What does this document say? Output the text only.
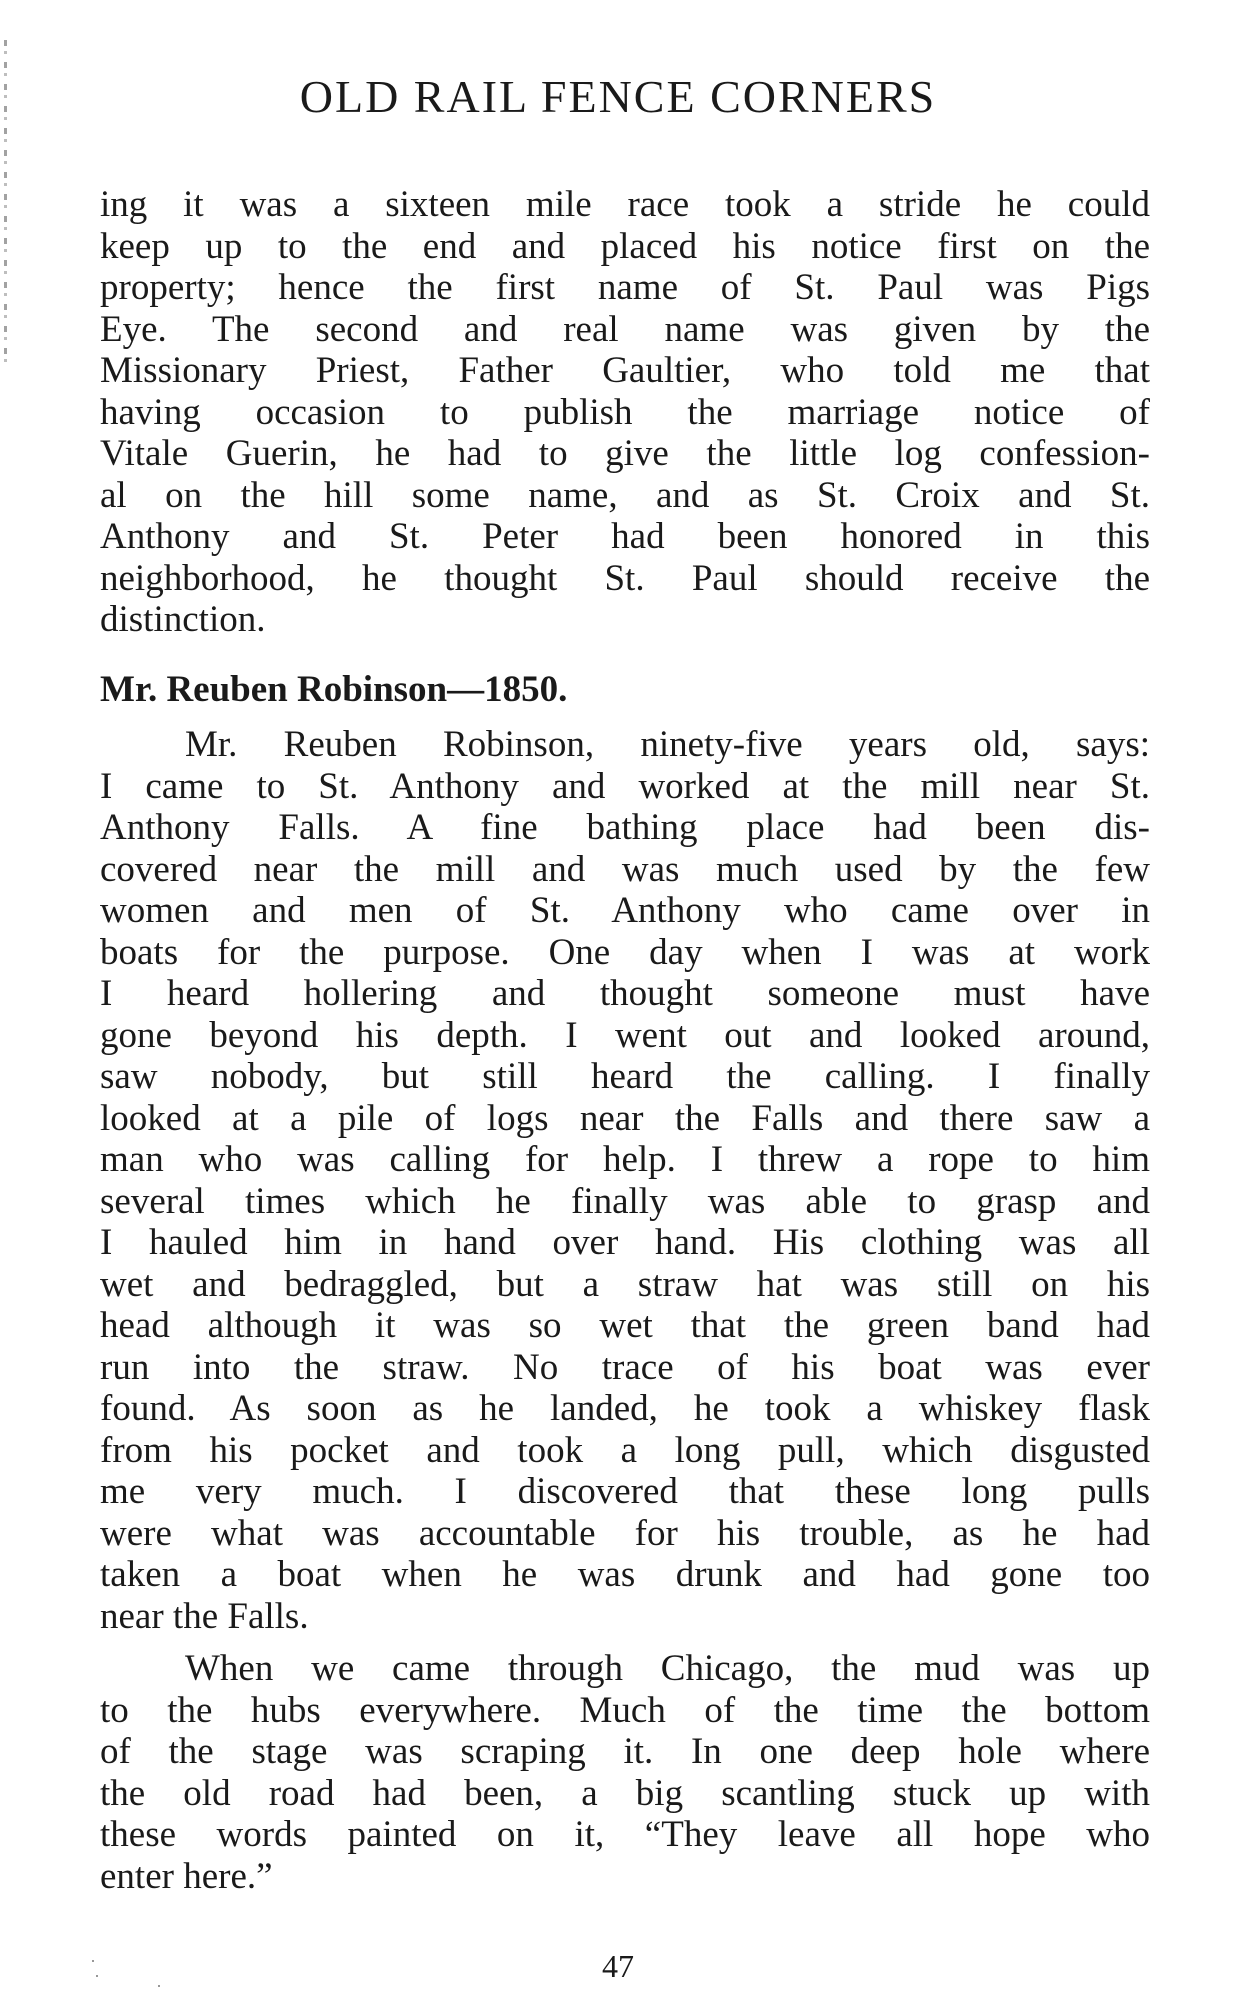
OLD RAIL FENCE CORNERS
ing it was a sixteen mile race took a stride he could
keep up to the end and placed his notice first on the
property; hence the first name of St. Paul was Pigs
Eye. The second and real name was given by the
Missionary Priest, Father Gaultier, who told me that
having occasion to publish the marriage notice of
Vitale Guerin, he had to give the little log confession-
al on the hill some name, and as St. Croix and St.
Anthony and St. Peter had been honored in this
neighborhood, he thought St. Paul should receive the
distinction.
Mr. Reuben Robinson—1850.
Mr. Reuben Robinson, ninety-five years old, says:
I came to St. Anthony and worked at the mill near St.
Anthony Falls. A fine bathing place had been dis-
covered near the mill and was much used by the few
women and men of St. Anthony who came over in
boats for the purpose. One day when I was at work
I heard hollering and thought someone must have
gone beyond his depth. I went out and looked around,
saw nobody, but still heard the calling. I finally
looked at a pile of logs near the Falls and there saw a
man who was calling for help. I threw a rope to him
several times which he finally was able to grasp and
I hauled him in hand over hand. His clothing was all
wet and bedraggled, but a straw hat was still on his
head although it was so wet that the green band had
run into the straw. No trace of his boat was ever
found. As soon as he landed, he took a whiskey flask
from his pocket and took a long pull, which disgusted
me very much. I discovered that these long pulls
were what was accountable for his trouble, as he had
taken a boat when he was drunk and had gone too
near the Falls.
When we came through Chicago, the mud was up
to the hubs everywhere. Much of the time the bottom
of the stage was scraping it. In one deep hole where
the old road had been, a big scantling stuck up with
these words painted on it, “They leave all hope who
enter here.”
47
